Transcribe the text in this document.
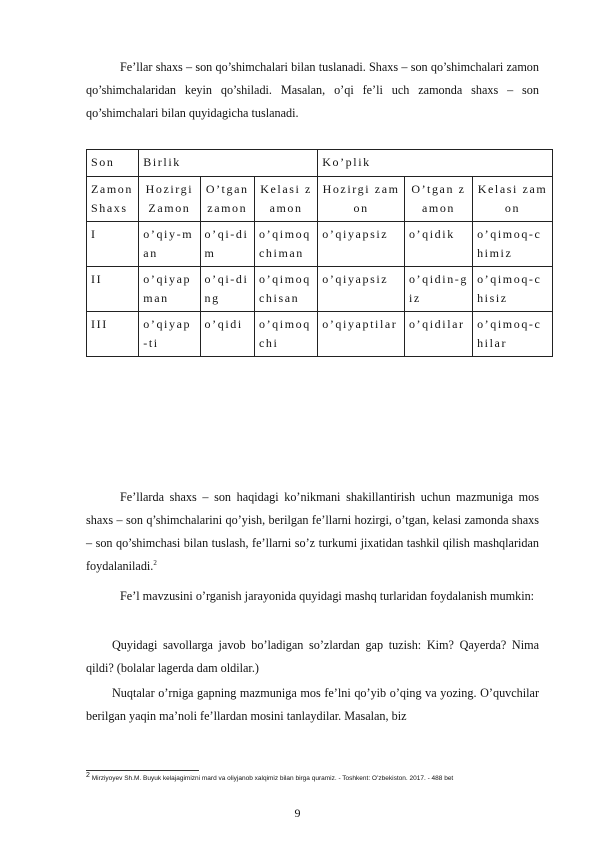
Fe’llar shaxs – son qo’shimchalari bilan tuslanadi. Shaxs – son qo’shimchalari zamon qo’shimchalaridan keyin qo’shiladi. Masalan, o’qi fe’li uch zamonda shaxs – son qo’shimchalari bilan quyidagicha tuslanadi.

Son	Birlik			Ko’plik		
Zamon Shaxs	Hozirgi Zamon	O’tgan zamon	Kelasi zamon	Hozirgi zamon	O’tgan zamon	Kelasi zamon
I	o’qiy-man	o’qi-dim	o’qimoqchiman	o’qiyapsiz	o’qidik	o’qimoq-chimiz
II	o’qiyapman	o’qi-ding	o’qimoqchisan	o’qiyapsiz	o’qidin-giz	o’qimoq-chisiz
III	o’qiyap-ti	o’qidi	o’qimoqchi	o’qiyaptilar	o’qidilar	o’qimoq-chilar

Fe’llarda shaxs – son haqidagi ko’nikmani shakillantirish uchun mazmuniga mos shaxs – son q’shimchalarini qo’yish, berilgan fe’llarni hozirgi, o’tgan, kelasi zamonda shaxs – son qo’shimchasi bilan tuslash, fe’llarni so’z turkumi jixatidan tashkil qilish mashqlaridan foydalaniladi.$^2$

Fe’l mavzusini o’rganish jarayonida quyidagi mashq turlaridan foydalanish mumkin:

Quyidagi savollarga javob bo’ladigan so’zlardan gap tuzish: Kim? Qayerda? Nima qildi? (bolalar lagerda dam oldilar.)

Nuqtalar o’rniga gapning mazmuniga mos fe’lni qo’yib o’qing va yozing. O’quvchilar berilgan yaqin ma’noli fe’llardan mosini tanlaydilar. Masalan, biz

$^2$ Mirziyoyev Sh.M. Buyuk kelajagimizni mard va oliyjanob xalqimiz bilan birga quramiz. - Toshkent: O’zbekiston. 2017. - 488 bet
9
